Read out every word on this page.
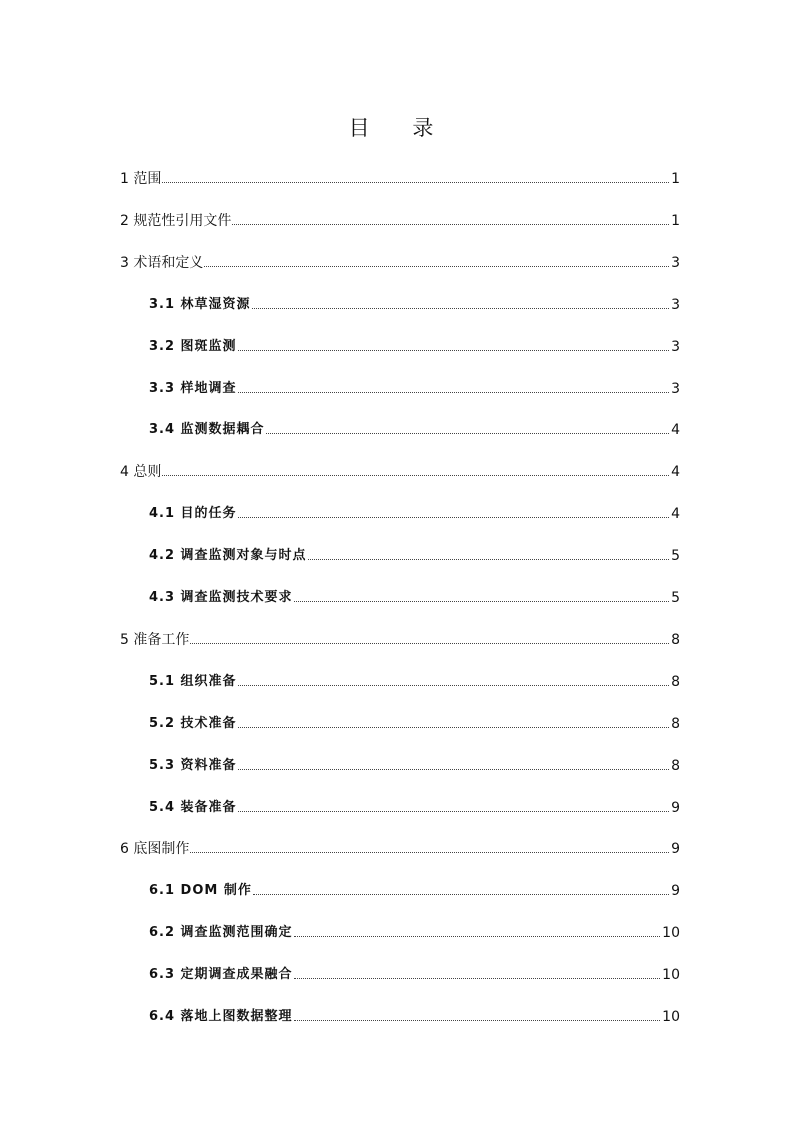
目 录
1 范围	1
2 规范性引用文件	1
3 术语和定义	3
3.1 林草湿资源	3
3.2 图斑监测	3
3.3 样地调查	3
3.4 监测数据耦合	4
4 总则	4
4.1 目的任务	4
4.2 调查监测对象与时点	5
4.3 调查监测技术要求	5
5 准备工作	8
5.1 组织准备	8
5.2 技术准备	8
5.3 资料准备	8
5.4 装备准备	9
6 底图制作	9
6.1 DOM 制作	9
6.2 调查监测范围确定	10
6.3 定期调查成果融合	10
6.4 落地上图数据整理	10
